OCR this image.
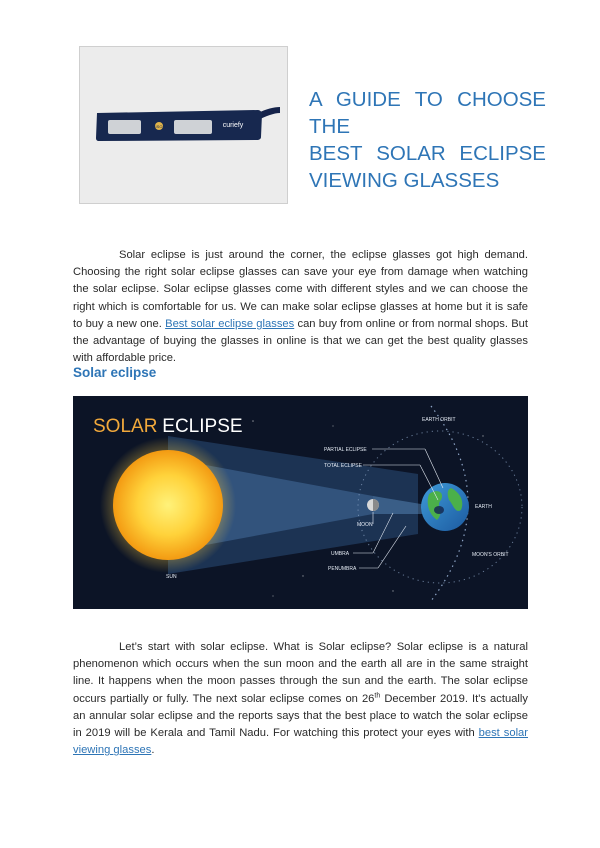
ISO	curiefy
A GUIDE TO CHOOSE THE
BEST SOLAR ECLIPSE
VIEWING GLASSES
Solar eclipse is just around the corner, the eclipse glasses got high demand. Choosing the right solar eclipse glasses can save your eye from damage when watching the solar eclipse. Solar eclipse glasses come with different styles and we can choose the right which is comfortable for us. We can make solar eclipse glasses at home but it is safe to buy a new one. Best solar eclipse glasses can buy from online or from normal shops. But the advantage of buying the glasses in online is that we can get the best quality glasses with affordable price.
Solar eclipse
SOLAR ECLIPSE	EARTH ORBIT
PARTIAL ECLIPSE
TOTAL ECLIPSE
EARTH
MOON
UMBRA
PENUMBRA
MOON'S ORBIT
SUN
Let’s start with solar eclipse. What is Solar eclipse? Solar eclipse is a natural phenomenon which occurs when the sun moon and the earth all are in the same straight line. It happens when the moon passes through the sun and the earth. The solar eclipse occurs partially or fully. The next solar eclipse comes on 26th December 2019. It's actually an annular solar eclipse and the reports says that the best place to watch the solar eclipse in 2019 will be Kerala and Tamil Nadu. For watching this protect your eyes with best solar viewing glasses.
